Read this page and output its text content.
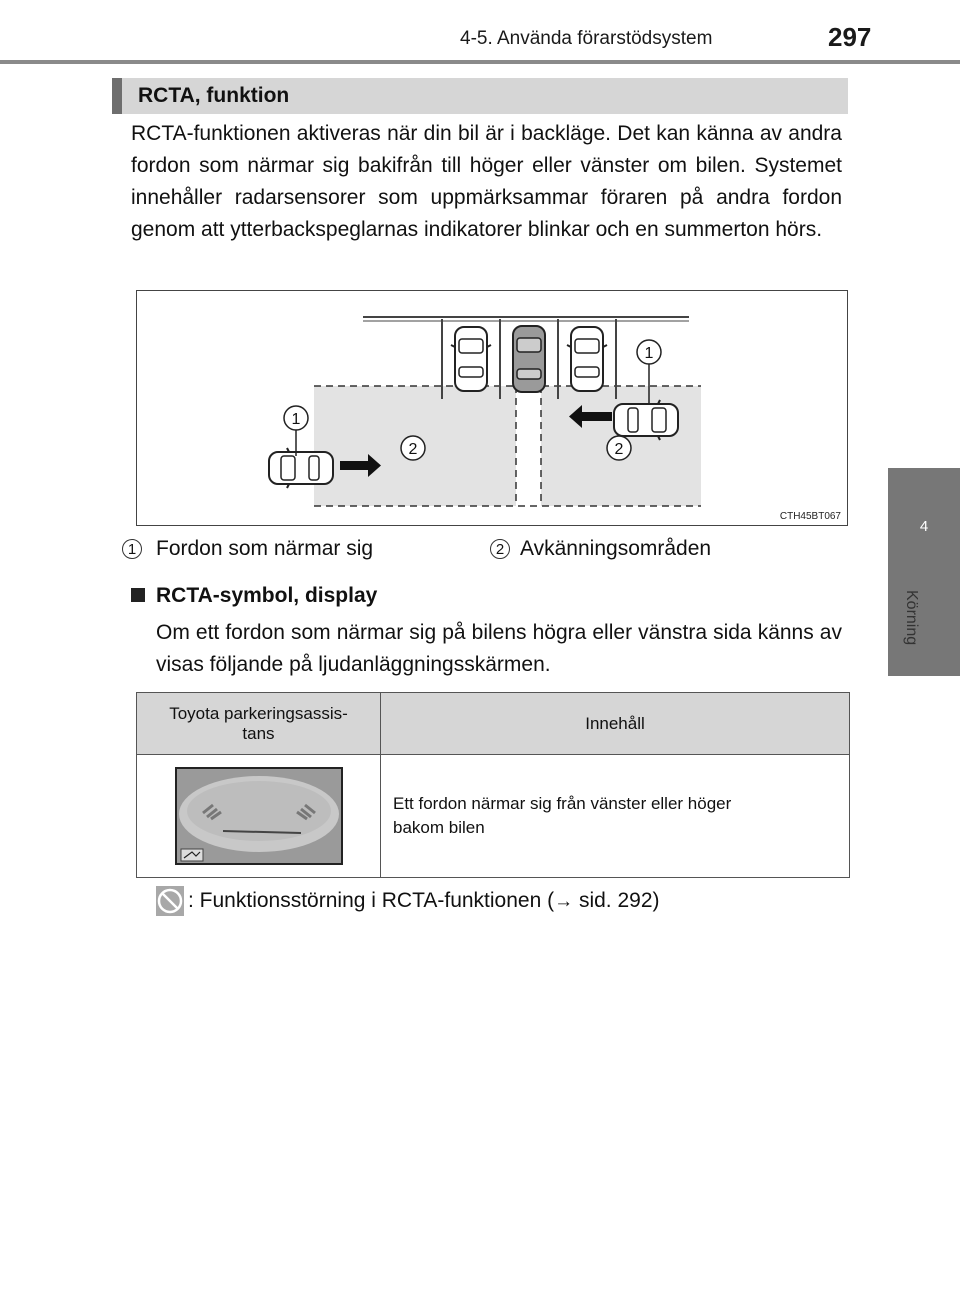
4-5. Använda förarstödsystem	297
4
Körning
RCTA, funktion

RCTA-funktionen aktiveras när din bil är i backläge. Det kan känna av andra fordon som närmar sig bakifrån till höger eller vänster om bilen. Systemet innehåller radarsensorer som uppmärksammar föraren på andra fordon genom att ytterbackspeglarnas indikatorer blinkar och en summerton hörs.

1
1
2	2
CTH45BT067
1 Fordon som närmar sig	2 Avkänningsområden
RCTA-symbol, display

Om ett fordon som närmar sig på bilens högra eller vänstra sida känns av visas följande på ljudanläggningsskärmen.

Toyota parkeringsassis-
tans	Innehåll

	Ett fordon närmar sig från vänster eller höger
bakom bilen
: Funktionsstörning i RCTA-funktionen (→ sid. 292)
